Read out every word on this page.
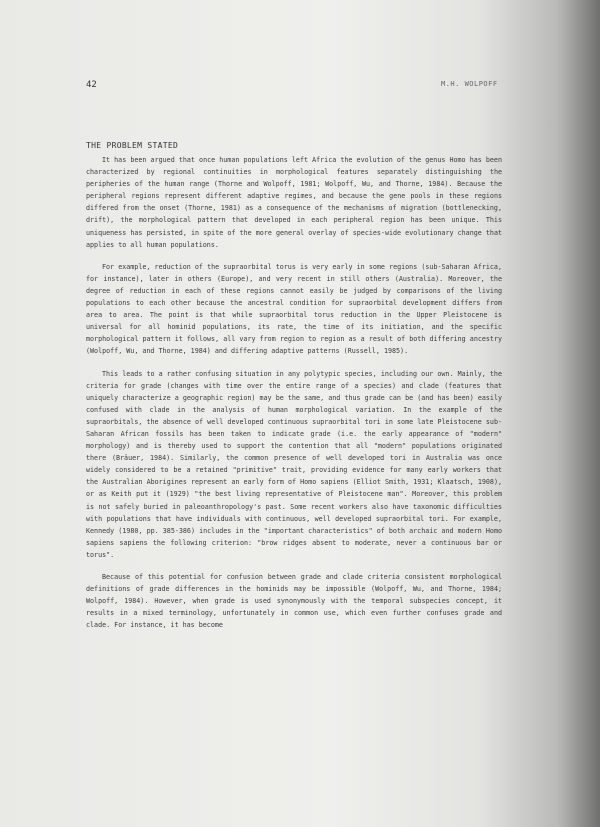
42	M.H. WOLPOFF
THE PROBLEM STATED

It has been argued that once human populations left Africa the evolution of the genus Homo has been characterized by regional continuities in morphological features separately distinguishing the peripheries of the human range (Thorne and Wolpoff, 1981; Wolpoff, Wu, and Thorne, 1984). Because the peripheral regions represent different adaptive regimes, and because the gene pools in these regions differed from the onset (Thorne, 1981) as a consequence of the mechanisms of migration (bottlenecking, drift), the morphological pattern that developed in each peripheral region has been unique. This uniqueness has persisted, in spite of the more general overlay of species-wide evolutionary change that applies to all human populations.

For example, reduction of the supraorbital torus is very early in some regions (sub-Saharan Africa, for instance), later in others (Europe), and very recent in still others (Australia). Moreover, the degree of reduction in each of these regions cannot easily be judged by comparisons of the living populations to each other because the ancestral condition for supraorbital development differs from area to area. The point is that while supraorbital torus reduction in the Upper Pleistocene is universal for all hominid populations, its rate, the time of its initiation, and the specific morphological pattern it follows, all vary from region to region as a result of both differing ancestry (Wolpoff, Wu, and Thorne, 1984) and differing adaptive patterns (Russell, 1985).

This leads to a rather confusing situation in any polytypic species, including our own. Mainly, the criteria for grade (changes with time over the entire range of a species) and clade (features that uniquely characterize a geographic region) may be the same, and thus grade can be (and has been) easily confused with clade in the analysis of human morphological variation. In the example of the supraorbitals, the absence of well developed continuous supraorbital tori in some late Pleistocene sub-Saharan African fossils has been taken to indicate grade (i.e. the early appearance of "modern" morphology) and is thereby used to support the contention that all "modern" populations originated there (Bräuer, 1984). Similarly, the common presence of well developed tori in Australia was once widely considered to be a retained "primitive" trait, providing evidence for many early workers that the Australian Aborigines represent an early form of Homo sapiens (Elliot Smith, 1931; Klaatsch, 1908), or as Keith put it (1929) "the best living representative of Pleistocene man". Moreover, this problem is not safely buried in paleoanthropology's past. Some recent workers also have taxonomic difficulties with populations that have individuals with continuous, well developed supraorbital tori. For example, Kennedy (1980, pp. 385-386) includes in the "important characteristics" of both archaic and modern Homo sapiens sapiens the following criterion: "brow ridges absent to moderate, never a continuous bar or torus".

Because of this potential for confusion between grade and clade criteria consistent morphological definitions of grade differences in the hominids may be impossible (Wolpoff, Wu, and Thorne, 1984; Wolpoff, 1984). However, when grade is used synonymously with the temporal subspecies concept, it results in a mixed terminology, unfortunately in common use, which even further confuses grade and clade. For instance, it has become
